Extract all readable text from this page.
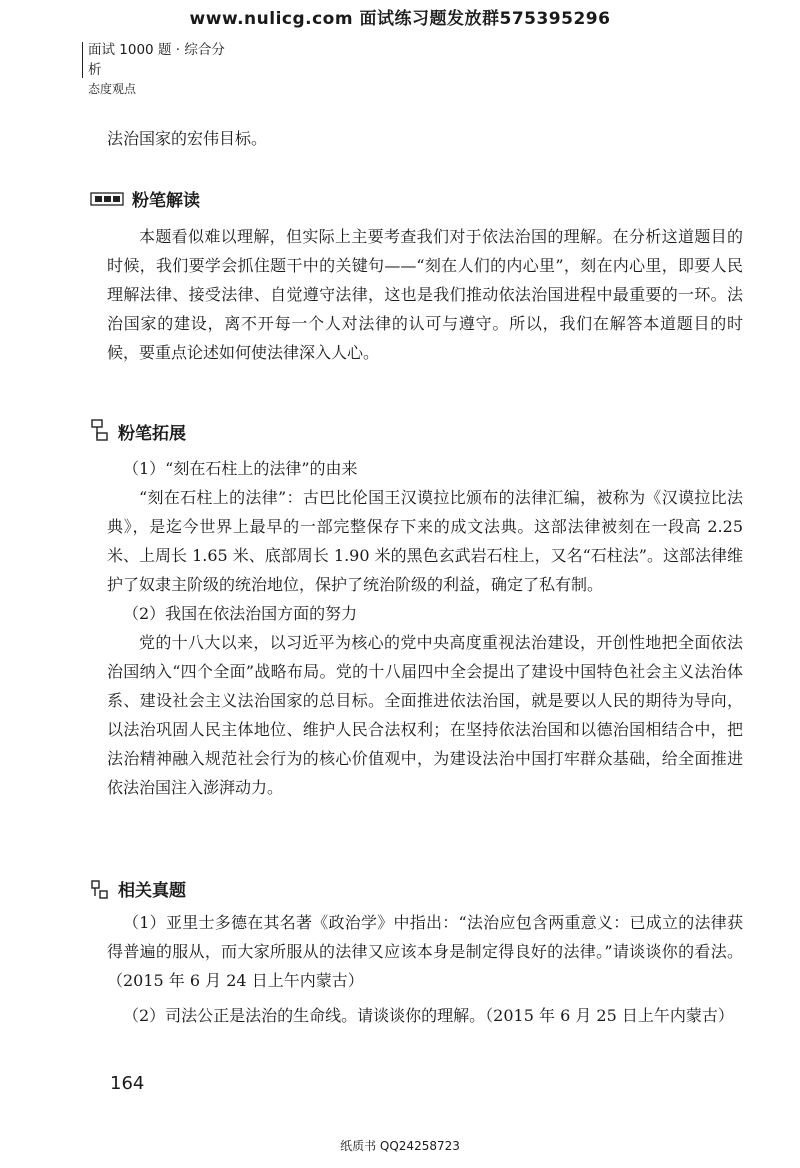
www.nulicg.com 面试练习题发放群575395296
面试 1000 题 · 综合分析
态度观点

法治国家的宏伟目标。

粉笔解读

本题看似难以理解，但实际上主要考查我们对于依法治国的理解。在分析这道题目的时候，我们要学会抓住题干中的关键句——“刻在人们的内心里”，刻在内心里，即要人民理解法律、接受法律、自觉遵守法律，这也是我们推动依法治国进程中最重要的一环。法治国家的建设，离不开每一个人对法律的认可与遵守。所以，我们在解答本道题目的时候，要重点论述如何使法律深入人心。

粉笔拓展

（1）“刻在石柱上的法律”的由来

“刻在石柱上的法律”：古巴比伦国王汉谟拉比颁布的法律汇编，被称为《汉谟拉比法典》，是迄今世界上最早的一部完整保存下来的成文法典。这部法律被刻在一段高 2.25 米、上周长 1.65 米、底部周长 1.90 米的黑色玄武岩石柱上，又名“石柱法”。这部法律维护了奴隶主阶级的统治地位，保护了统治阶级的利益，确定了私有制。

（2）我国在依法治国方面的努力

党的十八大以来，以习近平为核心的党中央高度重视法治建设，开创性地把全面依法治国纳入“四个全面”战略布局。党的十八届四中全会提出了建设中国特色社会主义法治体系、建设社会主义法治国家的总目标。全面推进依法治国，就是要以人民的期待为导向，以法治巩固人民主体地位、维护人民合法权利；在坚持依法治国和以德治国相结合中，把法治精神融入规范社会行为的核心价值观中，为建设法治中国打牢群众基础，给全面推进依法治国注入澎湃动力。

相关真题

（1）亚里士多德在其名著《政治学》中指出：“法治应包含两重意义：已成立的法律获得普遍的服从，而大家所服从的法律又应该本身是制定得良好的法律。”请谈谈你的看法。（2015 年 6 月 24 日上午内蒙古）

（2）司法公正是法治的生命线。请谈谈你的理解。（2015 年 6 月 25 日上午内蒙古）

164
纸质书 QQ24258723
